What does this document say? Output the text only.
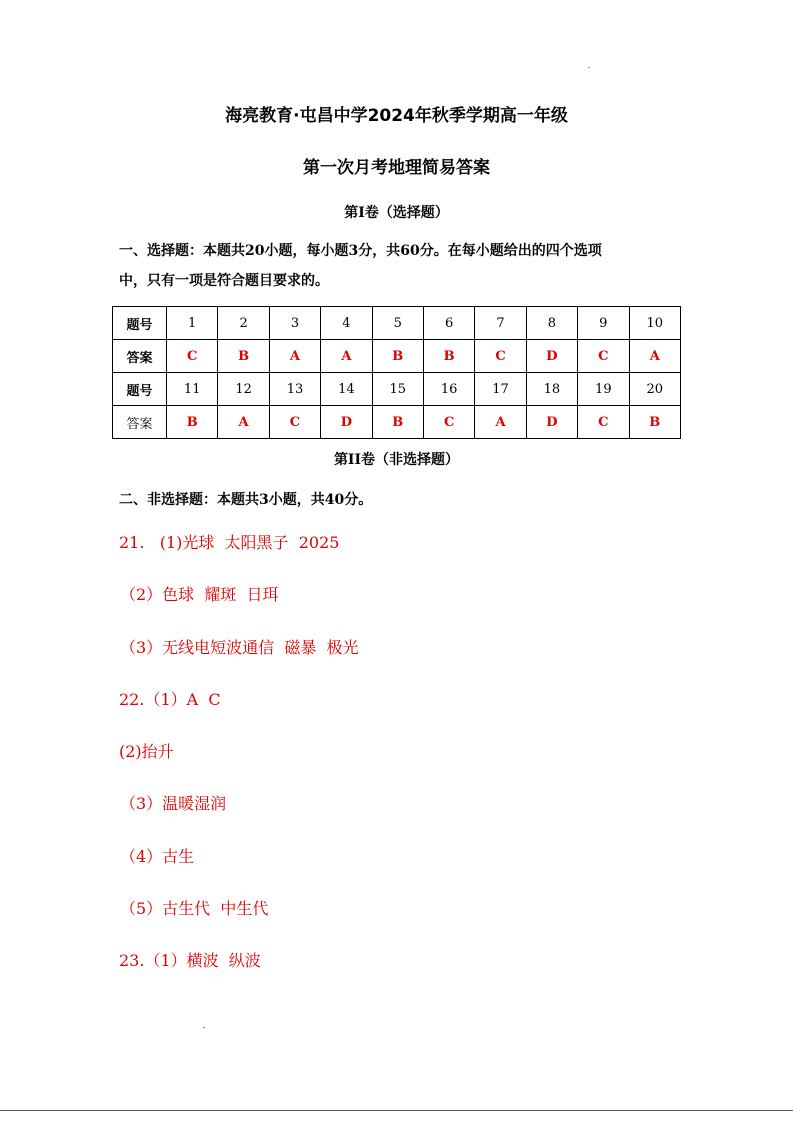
海亮教育·屯昌中学2024年秋季学期高一年级
第一次月考地理简易答案
第I卷（选择题）
一、选择题：本题共20小题，每小题3分，共60分。在每小题给出的四个选项
中，只有一项是符合题目要求的。
题号	1	2	3	4	5	6	7	8	9	10
答案	C	B	A	A	B	B	C	D	C	A
题号	11	12	13	14	15	16	17	18	19	20
答案	B	A	C	D	B	C	A	D	C	B
第II卷（非选择题）
二、非选择题：本题共3小题，共40分。
21.   (1)光球  太阳黑子  2025
（2）色球  耀斑  日珥
（3）无线电短波通信  磁暴  极光
22.（1）A  C
(2)抬升
（3）温暖湿润
（4）古生
（5）古生代  中生代
23.（1）横波  纵波
